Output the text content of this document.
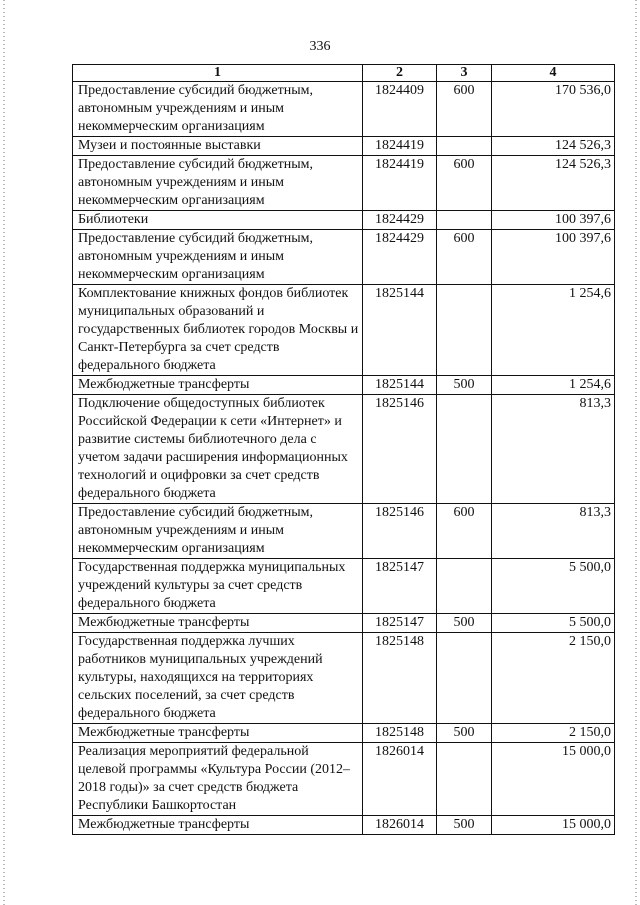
336
1	2	3	4
Предоставление субсидий бюджетным, автономным учреждениям и иным некоммерческим организациям	1824409	600	170 536,0
Музеи и постоянные выставки	1824419		124 526,3
Предоставление субсидий бюджетным, автономным учреждениям и иным некоммерческим организациям	1824419	600	124 526,3
Библиотеки	1824429		100 397,6
Предоставление субсидий бюджетным, автономным учреждениям и иным некоммерческим организациям	1824429	600	100 397,6
Комплектование книжных фондов библиотек муниципальных образований и государственных библиотек городов Москвы и Санкт-Петербурга за счет средств федерального бюджета	1825144		1 254,6
Межбюджетные трансферты	1825144	500	1 254,6
Подключение общедоступных библиотек Российской Федерации к сети «Интернет» и развитие системы библиотечного дела с учетом задачи расширения информационных технологий и оцифровки за счет средств федерального бюджета	1825146		813,3
Предоставление субсидий бюджетным, автономным учреждениям и иным некоммерческим организациям	1825146	600	813,3
Государственная поддержка муниципальных учреждений культуры за счет средств федерального бюджета	1825147		5 500,0
Межбюджетные трансферты	1825147	500	5 500,0
Государственная поддержка лучших работников муниципальных учреждений культуры, находящихся на территориях сельских поселений, за счет средств федерального бюджета	1825148		2 150,0
Межбюджетные трансферты	1825148	500	2 150,0
Реализация мероприятий федеральной целевой программы «Культура России (2012–2018 годы)» за счет средств бюджета Республики Башкортостан	1826014		15 000,0
Межбюджетные трансферты	1826014	500	15 000,0
